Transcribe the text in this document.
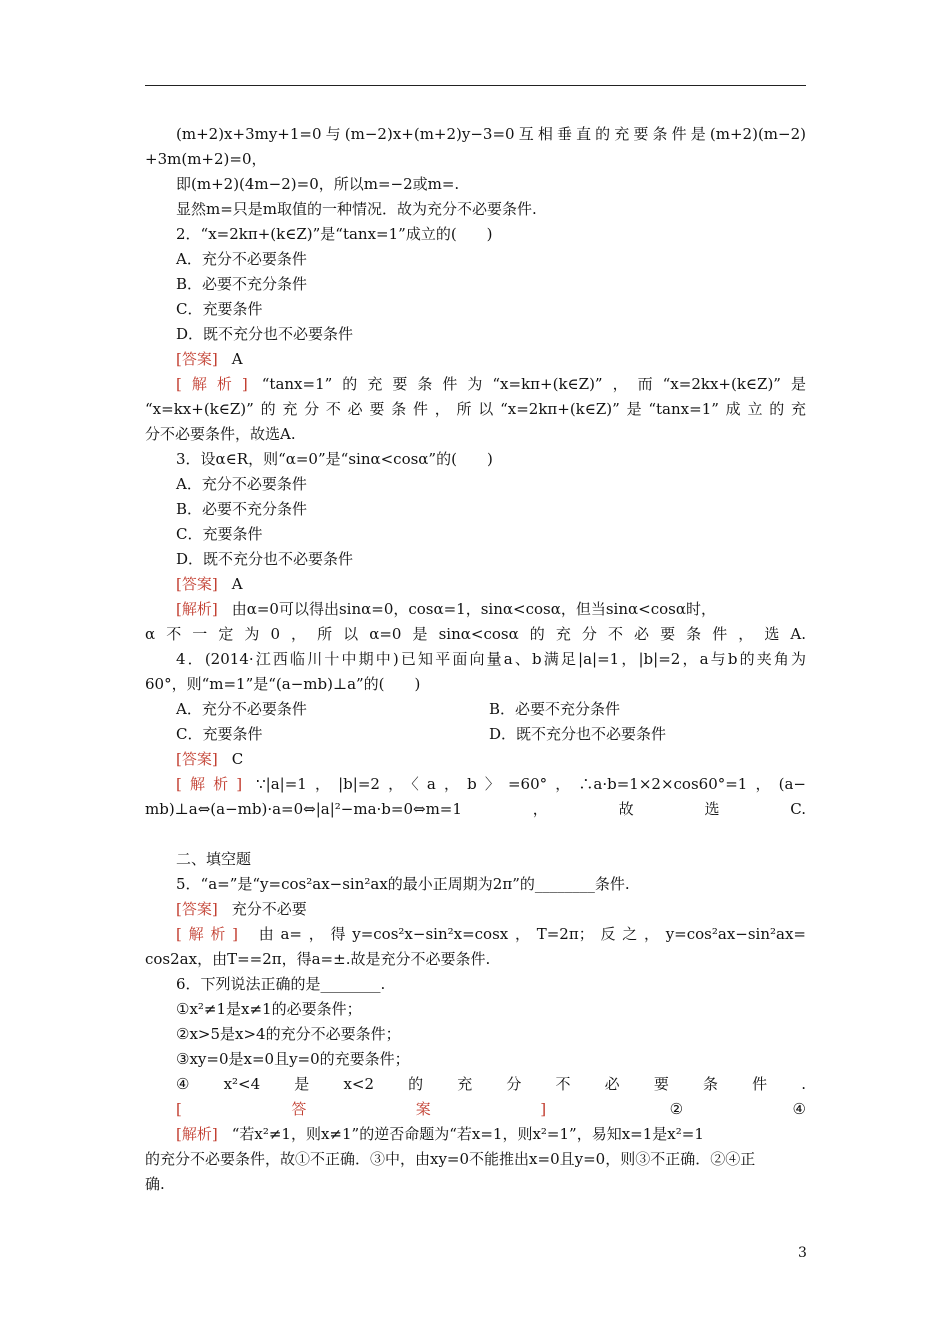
(m+2)x+3my+1=0与(m−2)x+(m+2)y−3=0互相垂直的充要条件是(m+2)(m−2)
+3m(m+2)=0，
即(m+2)(4m−2)=0，所以m=−2或m=.
显然m=只是m取值的一种情况．故为充分不必要条件.
2．“x=2kπ+(k∈Z)”是“tanx=1”成立的(　　)
A．充分不必要条件
B．必要不充分条件
C．充要条件
D．既不充分也不必要条件
[答案] A
[解析] “tanx=1”的充要条件为“x=kπ+(k∈Z)”，而“x=2kx+(k∈Z)”是
“x=kx+(k∈Z)”的充分不必要条件，所以“x=2kπ+(k∈Z)”是“tanx=1”成立的充
分不必要条件，故选A.
3．设α∈R，则“α=0”是“sinα<cosα”的(　　)
A．充分不必要条件
B．必要不充分条件
C．充要条件
D．既不充分也不必要条件
[答案] A
[解析] 由α=0可以得出sinα=0，cosα=1，sinα<cosα，但当sinα<cosα时，
α不一定为0，所以α=0是sinα<cosα的充分不必要条件，选A.
4．(2014·江西临川十中期中)已知平面向量a、b满足|a|=1，|b|=2，a与b的夹角为
60°，则“m=1”是“(a−mb)⊥a”的(　　)
A．充分不必要条件	B．必要不充分条件
C．充要条件	D．既不充分也不必要条件
[答案] C
[解析] ∵|a|=1，|b|=2，〈a，b〉=60°，∴a·b=1×2×cos60°=1，(a−
mb)⊥a⇔(a−mb)·a=0⇔|a|²−ma·b=0⇔m=1，故选C.
二、填空题
5．“a=”是“y=cos²ax−sin²ax的最小正周期为2π”的________条件.
[答案] 充分不必要
[解析] 由a=，得y=cos²x−sin²x=cosx，T=2π；反之，y=cos²ax−sin²ax=
cos2ax，由T==2π，得a=±.故是充分不必要条件.
6．下列说法正确的是________.
①x²≠1是x≠1的必要条件；
②x>5是x>4的充分不必要条件；
③xy=0是x=0且y=0的充要条件；
④x²<4是x<2的充分不必要条件.
[答案] ②④
[解析] “若x²≠1，则x≠1”的逆否命题为“若x=1，则x²=1”，易知x=1是x²=1
的充分不必要条件，故①不正确．③中，由xy=0不能推出x=0且y=0，则③不正确．②④正
确.
3
